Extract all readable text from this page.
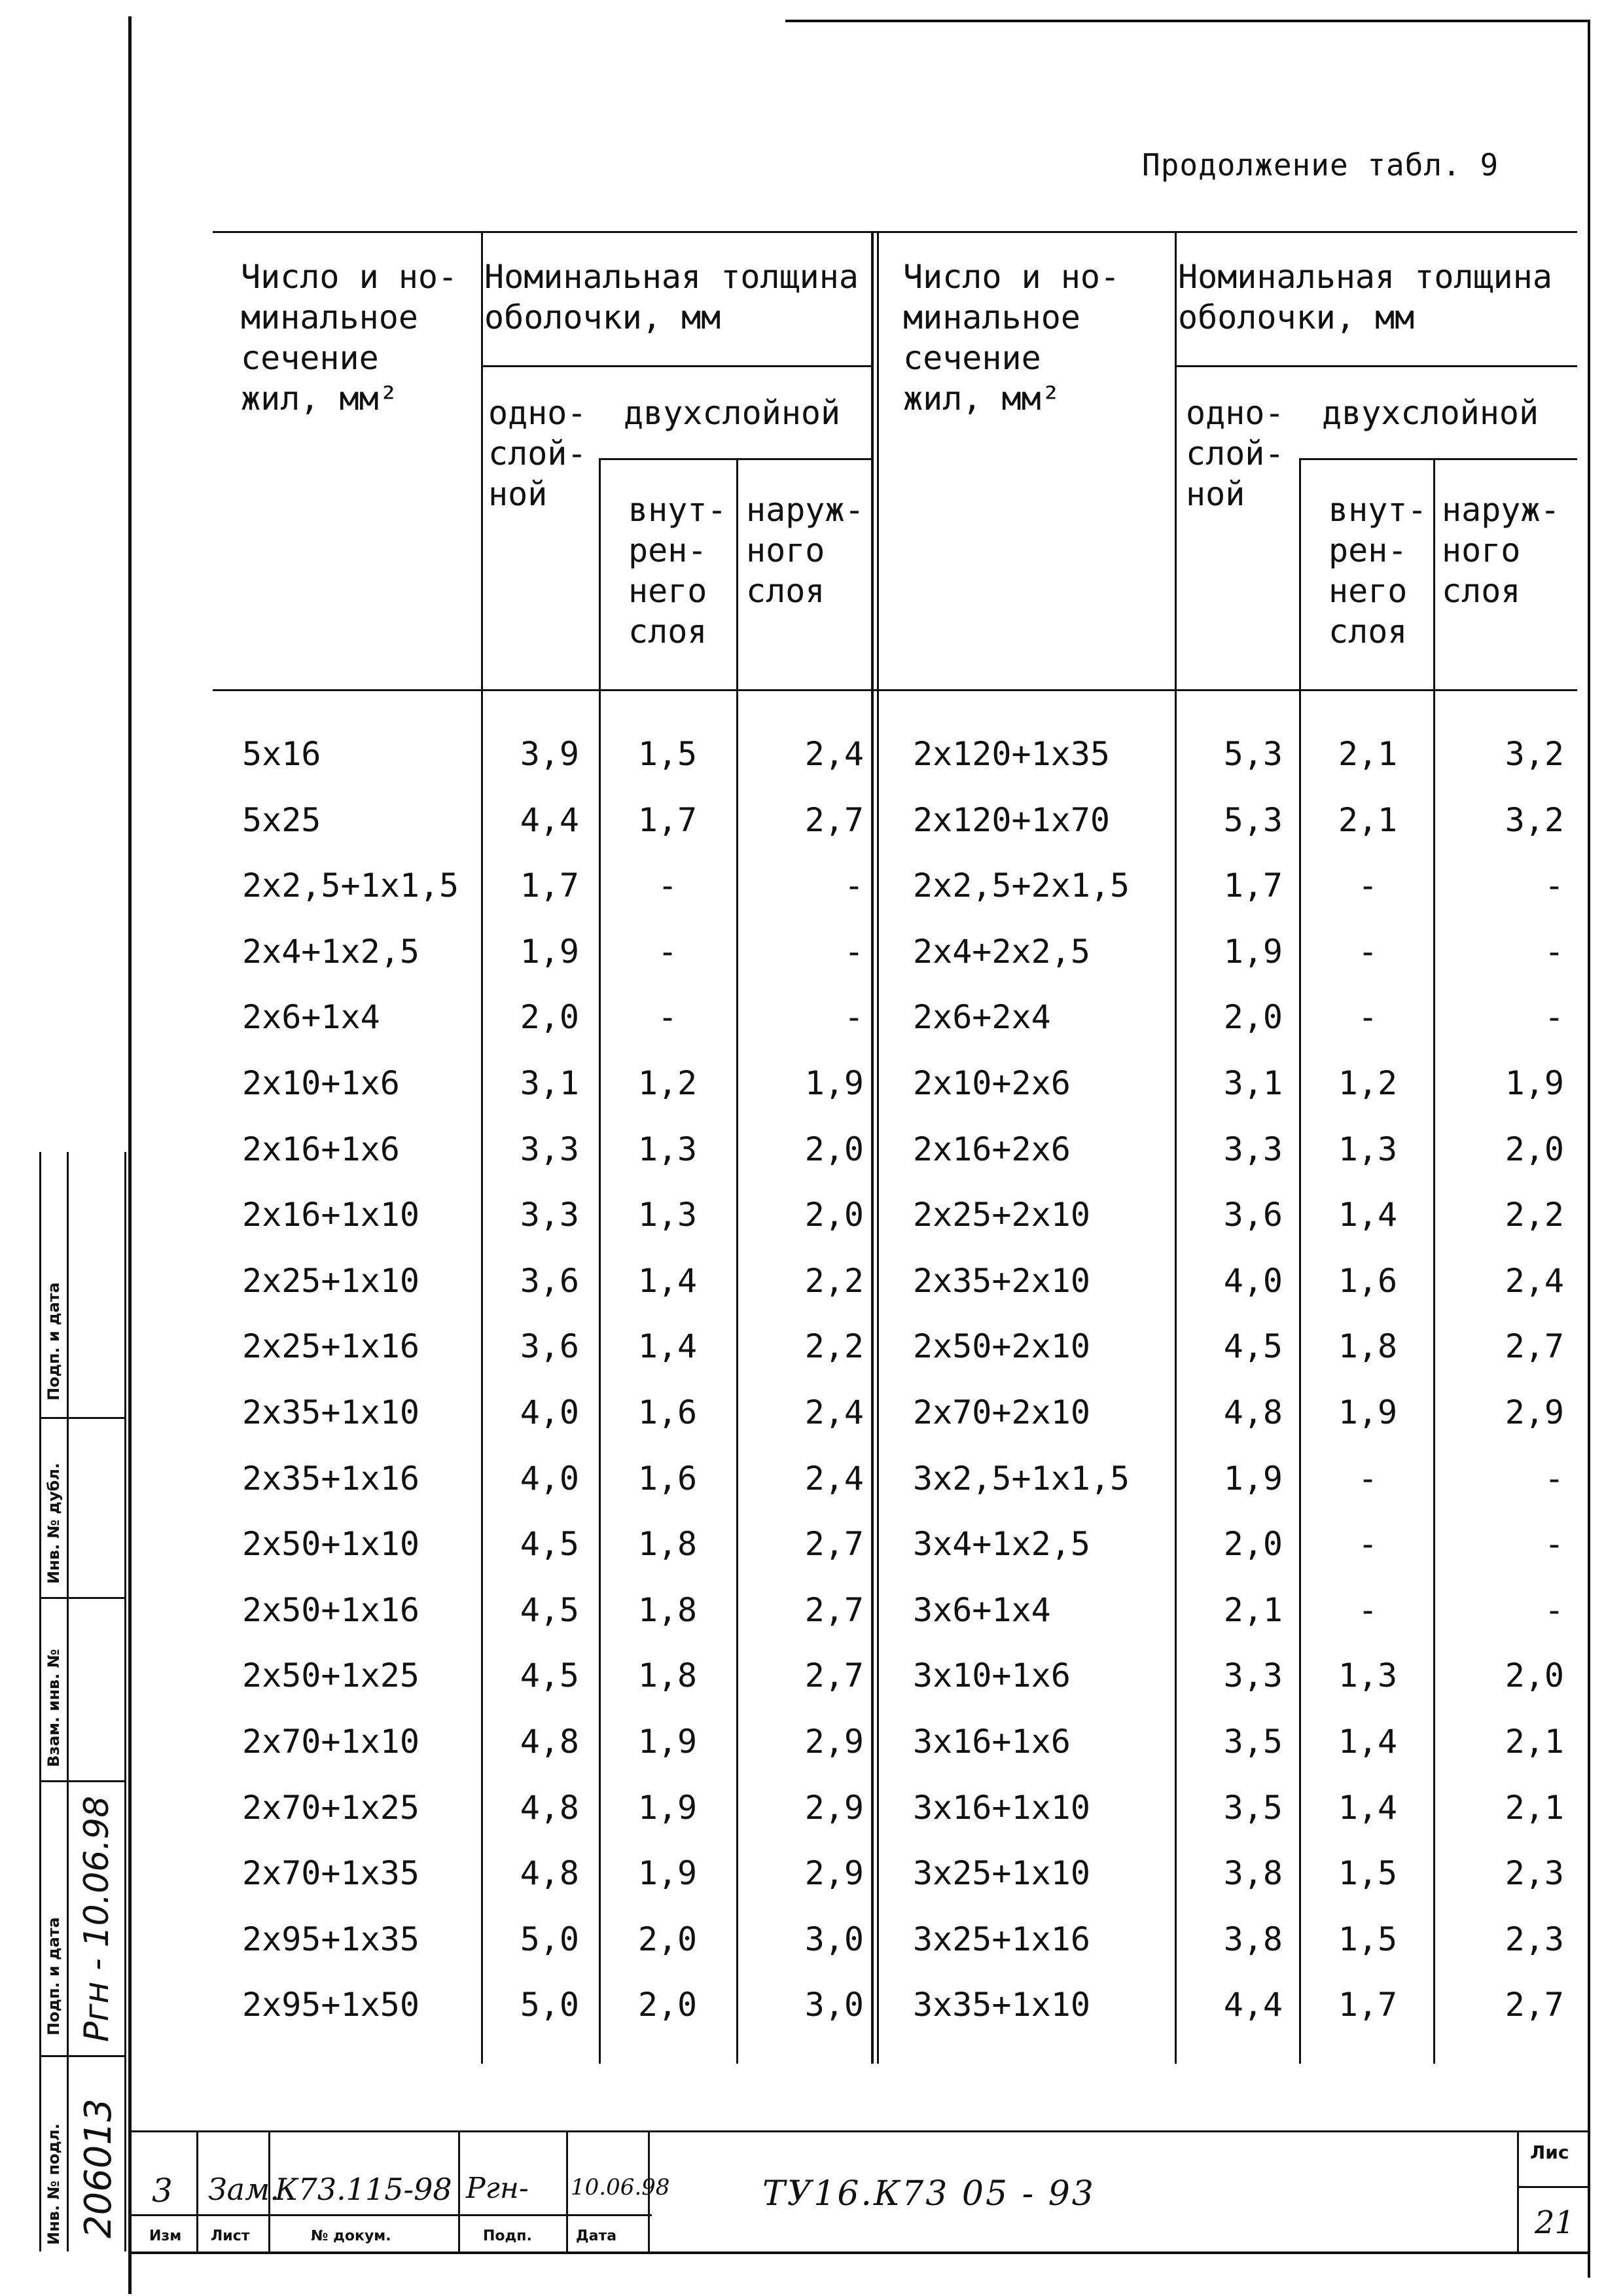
Продолжение табл. 9
Число и но-
минальное
сечение
жил, мм²
Номинальная толщина
оболочки, мм
одно-
слой-
ной
двухслойной
внут-
рен-
него
слоя
наруж-
ного
слоя
Число и но-
минальное
сечение
жил, мм²
Номинальная толщина
оболочки, мм
одно-
слой-
ной
двухслойной
внут-
рен-
него
слоя
наруж-
ного
слоя
5x16	3,9	1,5	2,4 2x120+1x35	5,3	2,1	3,2
5x25	4,4	1,7	2,7 2x120+1x70	5,3	2,1	3,2
2x2,5+1x1,5	1,7	-	- 2x2,5+2x1,5	1,7	-	-
2x4+1x2,5	1,9	-	- 2x4+2x2,5	1,9	-	-
2x6+1x4	2,0	-	- 2x6+2x4	2,0	-	-
2x10+1x6	3,1	1,2	1,9 2x10+2x6	3,1	1,2	1,9
2x16+1x6	3,3	1,3	2,0 2x16+2x6	3,3	1,3	2,0
2x16+1x10	3,3	1,3	2,0 2x25+2x10	3,6	1,4	2,2
2x25+1x10	3,6	1,4	2,2 2x35+2x10	4,0	1,6	2,4
2x25+1x16	3,6	1,4	2,2 2x50+2x10	4,5	1,8	2,7
2x35+1x10	4,0	1,6	2,4 2x70+2x10	4,8	1,9	2,9
2x35+1x16	4,0	1,6	2,4 3x2,5+1x1,5	1,9	-	-
2x50+1x10	4,5	1,8	2,7 3x4+1x2,5	2,0	-	-
2x50+1x16	4,5	1,8	2,7 3x6+1x4	2,1	-	-
2x50+1x25	4,5	1,8	2,7 3x10+1x6	3,3	1,3	2,0
2x70+1x10	4,8	1,9	2,9 3x16+1x6	3,5	1,4	2,1
2x70+1x25	4,8	1,9	2,9 3x16+1x10	3,5	1,4	2,1
2x70+1x35	4,8	1,9	2,9 3x25+1x10	3,8	1,5	2,3
2x95+1x35	5,0	2,0	3,0 3x25+1x16	3,8	1,5	2,3
2x95+1x50	5,0	2,0	3,0 3x35+1x10	4,4	1,7	2,7
3 Зам.
К73.115-98 Ргн- 10.06.98
Изм Лист	№ докум.	Подп.	Дата
ТУ16.К73 05 - 93
Лис
21
Подп. и дата
Инв. № дубл.
Взам. инв. №
Подп. и дата
Инв. № подл.
Ргн - 10.06.98
206013
